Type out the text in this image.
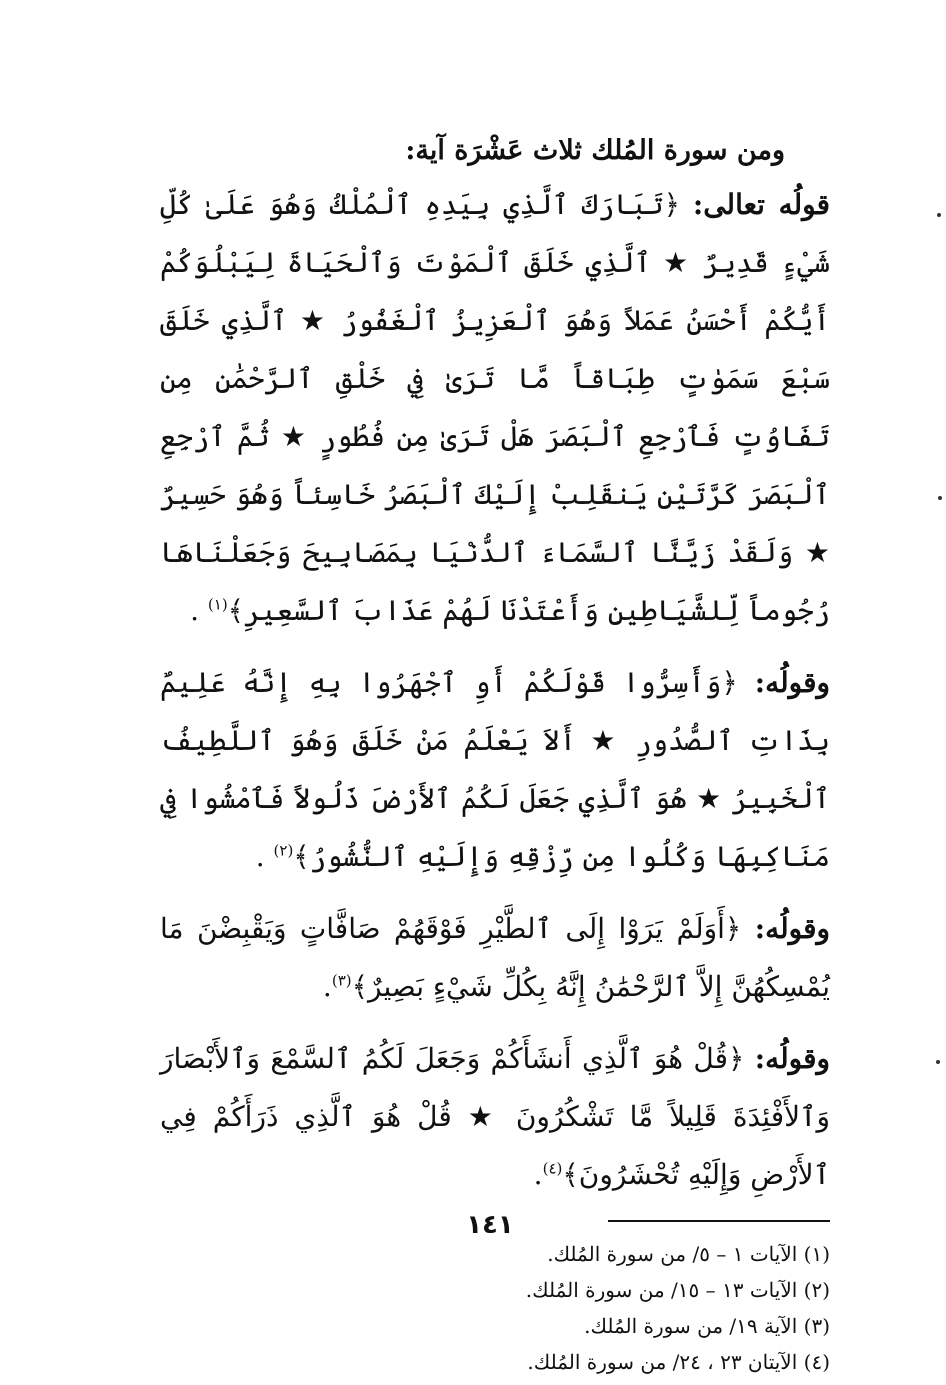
ومن سورة المُلك ثلاث عَشْرَة آية:

قولُه تعالى: ﴿تَبَارَكَ ٱلَّذِي بِيَدِهِ ٱلْمُلْكُ وَهُوَ عَلَىٰ كُلِّ شَيْءٍ قَدِيرٌ ★ ٱلَّذِي خَلَقَ ٱلْمَوْتَ وَٱلْحَيَاةَ لِيَبْلُوَكُمْ أَيُّكُمْ أَحْسَنُ عَمَلاً وَهُوَ ٱلْعَزِيزُ ٱلْغَفُورُ ★ ٱلَّذِي خَلَقَ سَبْعَ سَمَوٰتٍ طِبَاقاً مَّا تَرَىٰ فِي خَلْقِ ٱلرَّحْمَٰنِ مِن تَفَاوُتٍ فَٱرْجِعِ ٱلْبَصَرَ هَلْ تَرَىٰ مِن فُطُورٍ ★ ثُمَّ ٱرْجِعِ ٱلْبَصَرَ كَرَّتَيْنِ يَنقَلِبْ إِلَيْكَ ٱلْبَصَرُ خَاسِئاً وَهُوَ حَسِيرٌ ★ وَلَقَدْ زَيَّنَّا ٱلسَّمَاءَ ٱلدُّنْيَا بِمَصَابِيحَ وَجَعَلْنَاهَا رُجُوماً لِّلشَّيَاطِينِ وَأَعْتَدْنَا لَهُمْ عَذَابَ ٱلسَّعِيرِ﴾$^{(١)}$ .

وقولُه: ﴿وَأَسِرُّوا قَوْلَكُمْ أَوِ ٱجْهَرُوا بِهِ إِنَّهُ عَلِيمٌ بِذَاتِ ٱلصُّدُورِ ★ أَلاَ يَعْلَمُ مَنْ خَلَقَ وَهُوَ ٱللَّطِيفُ ٱلْخَبِيرُ ★ هُوَ ٱلَّذِي جَعَلَ لَكُمُ ٱلأَرْضَ ذَلُولاً فَٱمْشُوا فِي مَنَاكِبِهَا وَكُلُوا مِن رِّزْقِهِ وَإِلَيْهِ ٱلنُّشُورُ﴾$^{(٢)}$ .

وقولُه: ﴿أَوَلَمْ يَرَوْا إِلَى ٱلطَّيْرِ فَوْقَهُمْ صَافَّاتٍ وَيَقْبِضْنَ مَا يُمْسِكُهُنَّ إِلاَّ ٱلرَّحْمَٰنُ إِنَّهُ بِكُلِّ شَيْءٍ بَصِيرٌ﴾$^{(٣)}$.

وقولُه: ﴿قُلْ هُوَ ٱلَّذِي أَنشَأَكُمْ وَجَعَلَ لَكُمُ ٱلسَّمْعَ وَٱلأَبْصَارَ وَٱلأَفْئِدَةَ قَلِيلاً مَّا تَشْكُرُونَ ★ قُلْ هُوَ ٱلَّذِي ذَرَأَكُمْ فِي ٱلأَرْضِ وَإِلَيْهِ تُحْشَرُونَ﴾$^{(٤)}$.

(١) الآيات ١ – ٥/ من سورة المُلك.

(٢) الآيات ١٣ – ١٥/ من سورة المُلك.

(٣) الآية ١٩/ من سورة المُلك.

(٤) الآيتان ٢٣ ، ٢٤/ من سورة المُلك.

١٤١
